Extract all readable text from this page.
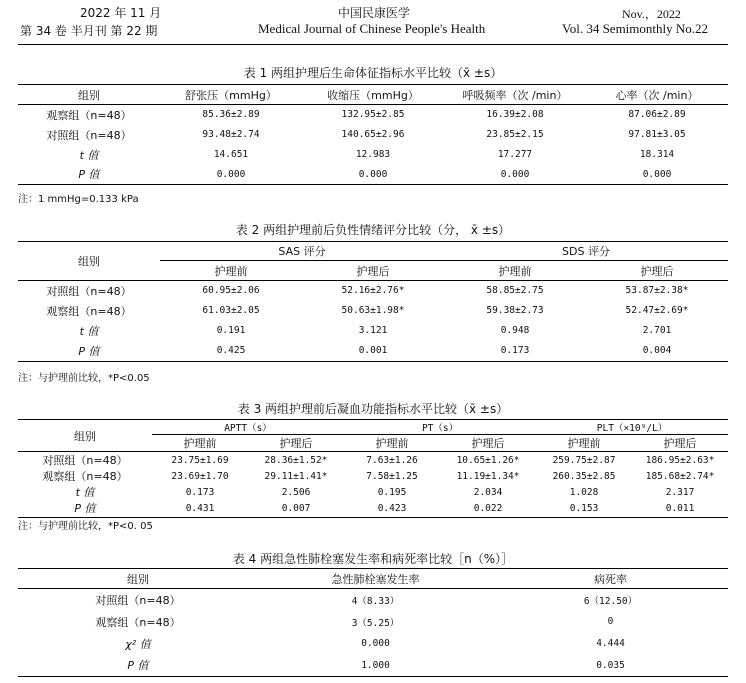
2022 年 11 月
第 34 卷 半月刊 第 22 期
中国民康医学
Medical Journal of Chinese People's Health
Nov.，2022
Vol. 34 Semimonthly No.22
表 1 两组护理后生命体征指标水平比较（x̄ ±s）
组别	舒张压（mmHg）	收缩压（mmHg）	呼吸频率（次 /min）	心率（次 /min）
观察组（n=48）	85.36±2.89	132.95±2.85	16.39±2.08	87.06±2.89
对照组（n=48）	93.48±2.74	140.65±2.96	23.85±2.15	97.81±3.05
t 值	14.651	12.983	17.277	18.314
P 值	0.000	0.000	0.000	0.000
注：1 mmHg=0.133 kPa
表 2 两组护理前后负性情绪评分比较（分， x̄ ±s）
组别	SAS 评分		SDS 评分	
	护理前	护理后	护理前	护理后
对照组（n=48）	60.95±2.06	52.16±2.76*	58.85±2.75	53.87±2.38*
观察组（n=48）	61.03±2.05	50.63±1.98*	59.38±2.73	52.47±2.69*
t 值	0.191	3.121	0.948	2.701
P 值	0.425	0.001	0.173	0.004
注：与护理前比较，*P<0.05
表 3 两组护理前后凝血功能指标水平比较（x̄ ±s）
组别	APTT（s）		PT（s）		PLT（×10⁹/L）	
	护理前	护理后	护理前	护理后	护理前	护理后
对照组（n=48）	23.75±1.69	28.36±1.52*	7.63±1.26	10.65±1.26*	259.75±2.87	186.95±2.63*
观察组（n=48）	23.69±1.70	29.11±1.41*	7.58±1.25	11.19±1.34*	260.35±2.85	185.68±2.74*
t 值	0.173	2.506	0.195	2.034	1.028	2.317
P 值	0.431	0.007	0.423	0.022	0.153	0.011
注：与护理前比较，*P<0. 05
表 4 两组急性肺栓塞发生率和病死率比较［n（%）］
组别	急性肺栓塞发生率	病死率
对照组（n=48）	4（8.33）	6（12.50）
观察组（n=48）	3（5.25）	0
χ² 值	0.000	4.444
P 值	1.000	0.035
